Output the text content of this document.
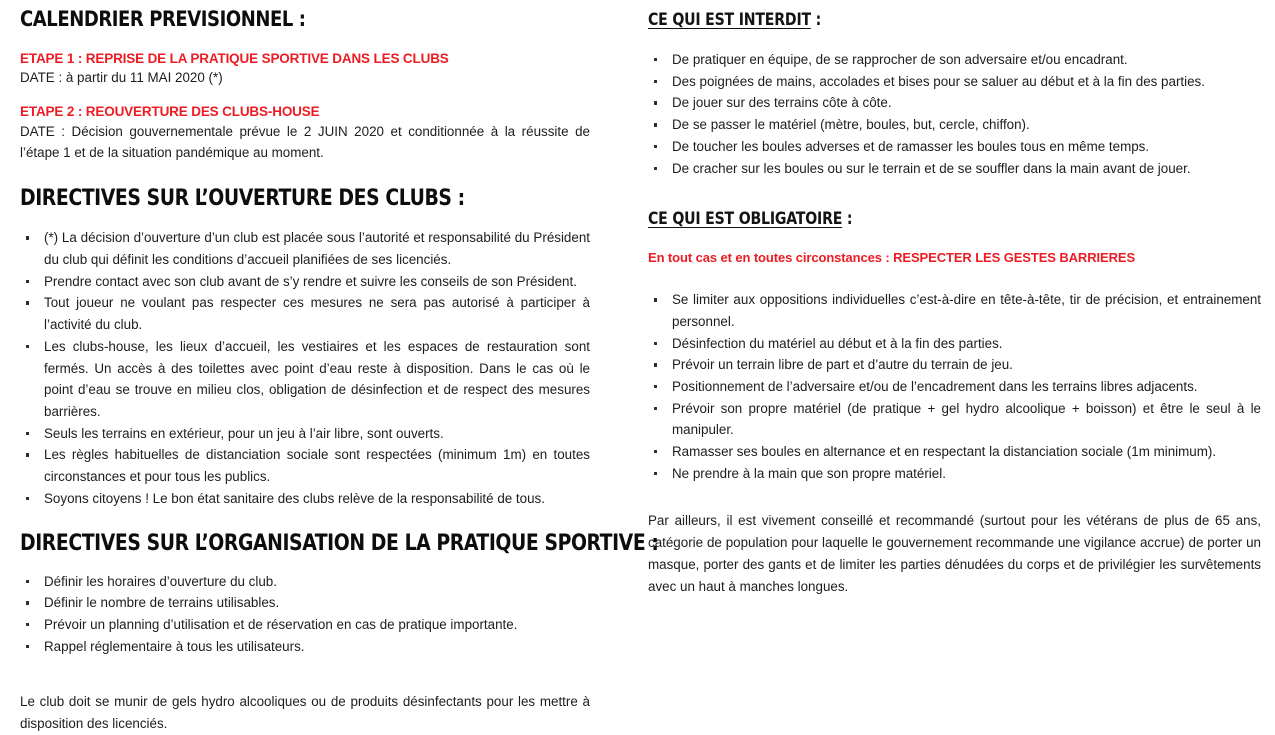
CALENDRIER PREVISIONNEL :

ETAPE 1 : REPRISE DE LA PRATIQUE SPORTIVE DANS LES CLUBS

DATE : à partir du 11 MAI 2020 (*)

ETAPE 2 : REOUVERTURE DES CLUBS-HOUSE

DATE : Décision gouvernementale prévue le 2 JUIN 2020 et conditionnée à la réussite de l’étape 1 et de la situation pandémique au moment.

DIRECTIVES SUR L’OUVERTURE DES CLUBS :
(*) La décision d’ouverture d’un club est placée sous l’autorité et responsabilité du Président du club qui définit les conditions d’accueil planifiées de ses licenciés.
Prendre contact avec son club avant de s’y rendre et suivre les conseils de son Président.
Tout joueur ne voulant pas respecter ces mesures ne sera pas autorisé à participer à l’activité du club.
Les clubs-house, les lieux d’accueil, les vestiaires et les espaces de restauration sont fermés. Un accès à des toilettes avec point d’eau reste à disposition. Dans le cas où le point d’eau se trouve en milieu clos, obligation de désinfection et de respect des mesures barrières.
Seuls les terrains en extérieur, pour un jeu à l’air libre, sont ouverts.
Les règles habituelles de distanciation sociale sont respectées (minimum 1m) en toutes circonstances et pour tous les publics.
Soyons citoyens ! Le bon état sanitaire des clubs relève de la responsabilité de tous.
DIRECTIVES SUR L’ORGANISATION DE LA PRATIQUE SPORTIVE :
Définir les horaires d’ouverture du club.
Définir le nombre de terrains utilisables.
Prévoir un planning d’utilisation et de réservation en cas de pratique importante.
Rappel réglementaire à tous les utilisateurs.

Le club doit se munir de gels hydro alcooliques ou de produits désinfectants pour les mettre à disposition des licenciés.

CE QUI EST INTERDIT :
De pratiquer en équipe, de se rapprocher de son adversaire et/ou encadrant.
Des poignées de mains, accolades et bises pour se saluer au début et à la fin des parties.
De jouer sur des terrains côte à côte.
De se passer le matériel (mètre, boules, but, cercle, chiffon).
De toucher les boules adverses et de ramasser les boules tous en même temps.
De cracher sur les boules ou sur le terrain et de se souffler dans la main avant de jouer.
CE QUI EST OBLIGATOIRE :

En tout cas et en toutes circonstances : RESPECTER LES GESTES BARRIERES

Se limiter aux oppositions individuelles c’est-à-dire en tête-à-tête, tir de précision, et entrainement personnel.
Désinfection du matériel au début et à la fin des parties.
Prévoir un terrain libre de part et d’autre du terrain de jeu.
Positionnement de l’adversaire et/ou de l’encadrement dans les terrains libres adjacents.
Prévoir son propre matériel (de pratique + gel hydro alcoolique + boisson) et être le seul à le manipuler.
Ramasser ses boules en alternance et en respectant la distanciation sociale (1m minimum).
Ne prendre à la main que son propre matériel.

Par ailleurs, il est vivement conseillé et recommandé (surtout pour les vétérans de plus de 65 ans, catégorie de population pour laquelle le gouvernement recommande une vigilance accrue) de porter un masque, porter des gants et de limiter les parties dénudées du corps et de privilégier les survêtements avec un haut à manches longues.
